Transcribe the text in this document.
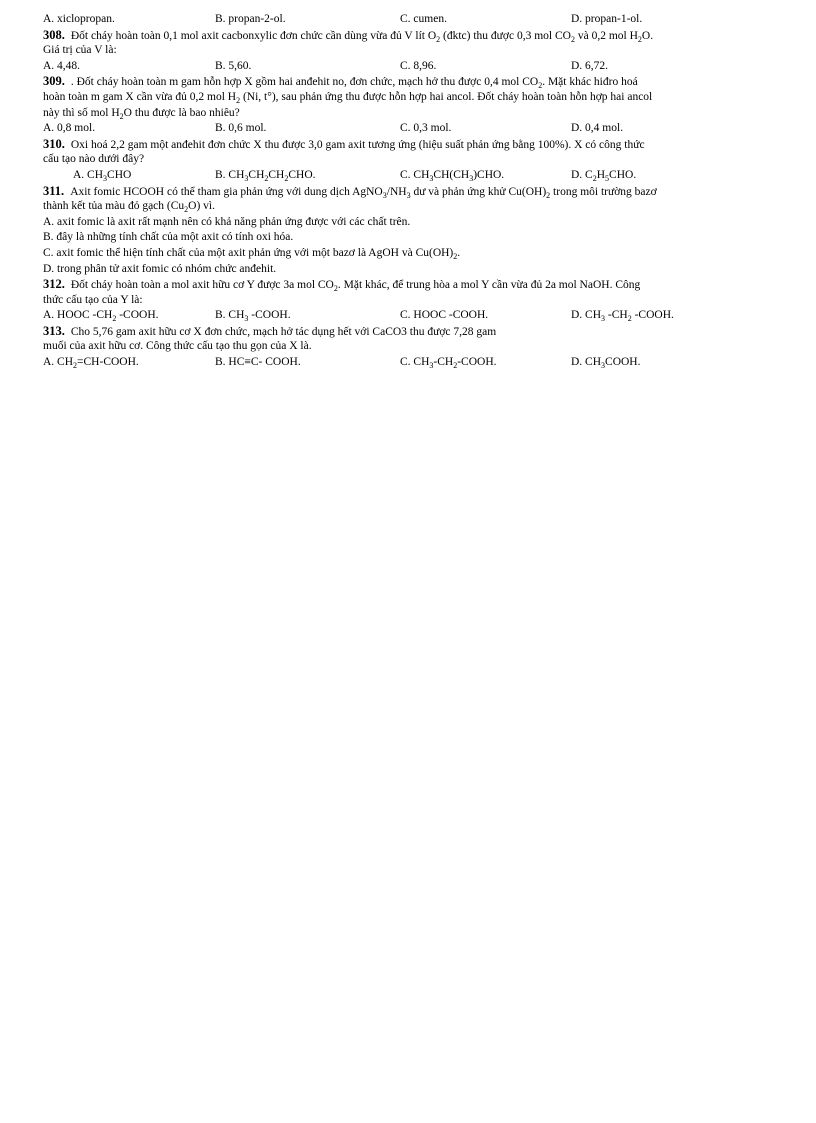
A. xiclopropan.	B. propan-2-ol.	C. cumen.	D. propan-1-ol.
308. Đốt cháy hoàn toàn 0,1 mol axit cacbonxylic đơn chức cần dùng vừa đủ V lít $O_2$ (đktc) thu được 0,3 mol $CO_2$ và 0,2 mol $H_2O$.
Giá trị của V là:
A. 4,48.	B. 5,60.	C. 8,96.	D. 6,72.
309. . Đốt cháy hoàn toàn m gam hỗn hợp X gồm hai anđehit no, đơn chức, mạch hở thu được 0,4 mol $CO_2$. Mặt khác hiđro hoá
hoàn toàn m gam X cần vừa đủ 0,2 mol $H_2$ (Ni, t°), sau phản ứng thu được hỗn hợp hai ancol. Đốt cháy hoàn toàn hỗn hợp hai ancol
này thì số mol $H_2O$ thu được là bao nhiêu?
A. 0,8 mol.	B. 0,6 mol.	C. 0,3 mol.	D. 0,4 mol.
310. Oxi hoá 2,2 gam một anđehit đơn chức X thu được 3,0 gam axit tương ứng (hiệu suất phản ứng bằng 100%). X có công thức
cấu tạo nào dưới đây?
A. $CH_3CHO$	B. $CH_3CH_2CH_2CHO$.	C. $CH_3CH(CH_3)CHO$.	D. $C_2H_5CHO$.
311. Axit fomic HCOOH có thể tham gia phản ứng với dung dịch $AgNO_3/NH_3$ dư và phản ứng khử $Cu(OH)_2$ trong môi trường bazơ
thành kết tủa màu đỏ gạch $(Cu_2O)$ vì.
A. axit fomic là axit rất mạnh nên có khả năng phản ứng được với các chất trên.
B. đây là những tính chất của một axit có tính oxi hóa.
C. axit fomic thể hiện tính chất của một axit phản ứng với một bazơ là AgOH và $Cu(OH)_2$.
D. trong phân tử axit fomic có nhóm chức anđehit.
312. Đốt cháy hoàn toàn a mol axit hữu cơ Y được 3a mol $CO_2$. Mặt khác, để trung hòa a mol Y cần vừa đủ 2a mol NaOH. Công
thức cấu tạo của Y là:
A. HOOC $-CH_2$ -COOH.	B. $CH_3$ -COOH.	C. HOOC -COOH.	D. $CH_3$ $-CH_2$ -COOH.
313. Cho 5,76 gam axit hữu cơ X đơn chức, mạch hở tác dụng hết với CaCO3 thu được 7,28 gam
muối của axit hữu cơ. Công thức cấu tạo thu gọn của X là.
A. $CH_2=CH$-COOH.	B. HC≡C- COOH.	C. $CH_3-CH_2$-COOH.	D. $CH_3COOH$.
